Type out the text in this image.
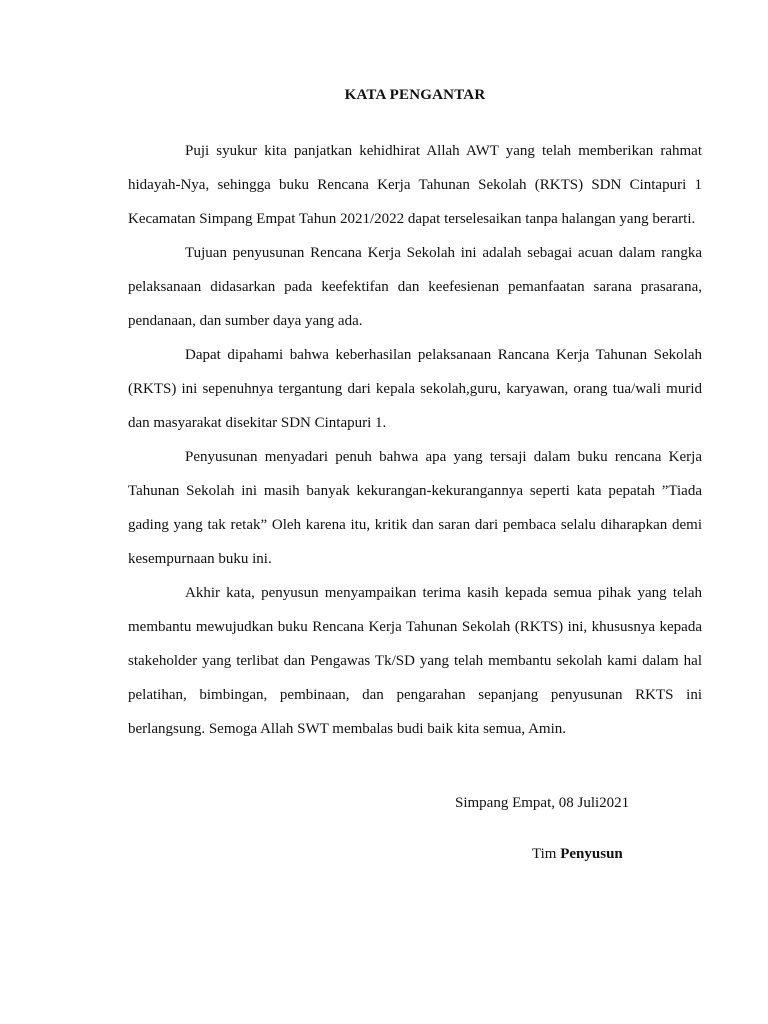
KATA PENGANTAR

Puji syukur kita panjatkan kehidhirat Allah AWT yang telah memberikan rahmat hidayah-Nya, sehingga buku Rencana Kerja Tahunan Sekolah (RKTS) SDN Cintapuri 1 Kecamatan Simpang Empat Tahun 2021/2022 dapat terselesaikan tanpa halangan yang berarti.

Tujuan penyusunan Rencana Kerja Sekolah ini adalah sebagai acuan dalam rangka pelaksanaan didasarkan pada keefektifan dan keefesienan pemanfaatan sarana prasarana, pendanaan, dan sumber daya yang ada.

Dapat dipahami bahwa keberhasilan pelaksanaan Rancana Kerja Tahunan Sekolah (RKTS) ini sepenuhnya tergantung dari kepala sekolah,guru, karyawan, orang tua/wali murid dan masyarakat disekitar SDN Cintapuri 1.

Penyusunan menyadari penuh bahwa apa yang tersaji dalam buku rencana Kerja Tahunan Sekolah ini masih banyak kekurangan-kekurangannya seperti kata pepatah ”Tiada gading yang tak retak” Oleh karena itu, kritik dan saran dari pembaca selalu diharapkan demi kesempurnaan buku ini.

Akhir kata, penyusun menyampaikan terima kasih kepada semua pihak yang telah membantu mewujudkan buku Rencana Kerja Tahunan Sekolah (RKTS) ini, khususnya kepada stakeholder yang terlibat dan Pengawas Tk/SD yang telah membantu sekolah kami dalam hal pelatihan, bimbingan, pembinaan, dan pengarahan sepanjang penyusunan RKTS ini berlangsung. Semoga Allah SWT membalas budi baik kita semua, Amin.

Simpang Empat, 08 Juli2021
Tim Penyusun
